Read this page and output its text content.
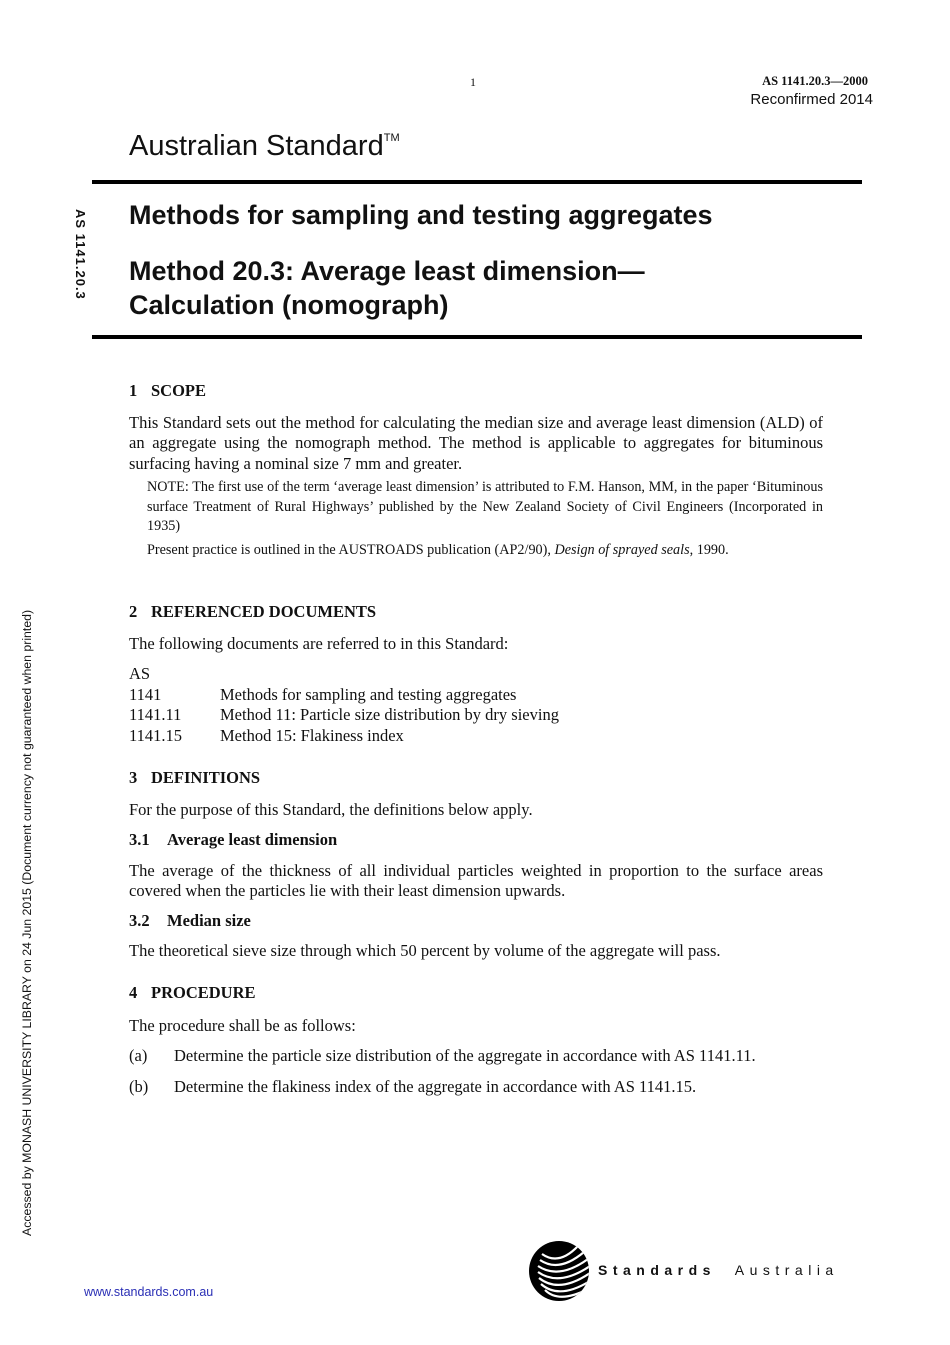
1	AS 1141.20.3—2000
Reconfirmed 2014
Australian Standard™
AS 1141.20.3 Methods for sampling and testing aggregates
Method 20.3: Average least dimension—
Calculation (nomograph)
1 SCOPE

This Standard sets out the method for calculating the median size and average least dimension (ALD) of an aggregate using the nomograph method. The method is applicable to aggregates for bituminous surfacing having a nominal size 7 mm and greater.

NOTE: The first use of the term ‘average least dimension’ is attributed to F.M. Hanson, MM, in the paper ‘Bituminous surface Treatment of Rural Highways’ published by the New Zealand Society of Civil Engineers (Incorporated in 1935)

Present practice is outlined in the AUSTROADS publication (AP2/90), Design of sprayed seals, 1990.

2 REFERENCED DOCUMENTS

The following documents are referred to in this Standard:

AS
1141	Methods for sampling and testing aggregates
1141.11	Method 11: Particle size distribution by dry sieving
1141.15	Method 15: Flakiness index
3 DEFINITIONS

For the purpose of this Standard, the definitions below apply.

3.1 Average least dimension

The average of the thickness of all individual particles weighted in proportion to the surface areas covered when the particles lie with their least dimension upwards.

3.2 Median size

The theoretical sieve size through which 50 percent by volume of the aggregate will pass.

4 PROCEDURE

The procedure shall be as follows:

(a)	Determine the particle size distribution of the aggregate in accordance with AS 1141.11.
(b)	Determine the flakiness index of the aggregate in accordance with AS 1141.15.
Accessed by MONASH UNIVERSITY LIBRARY on 24 Jun 2015 (Document currency not guaranteed when printed)
Standards Australia
www.standards.com.au
